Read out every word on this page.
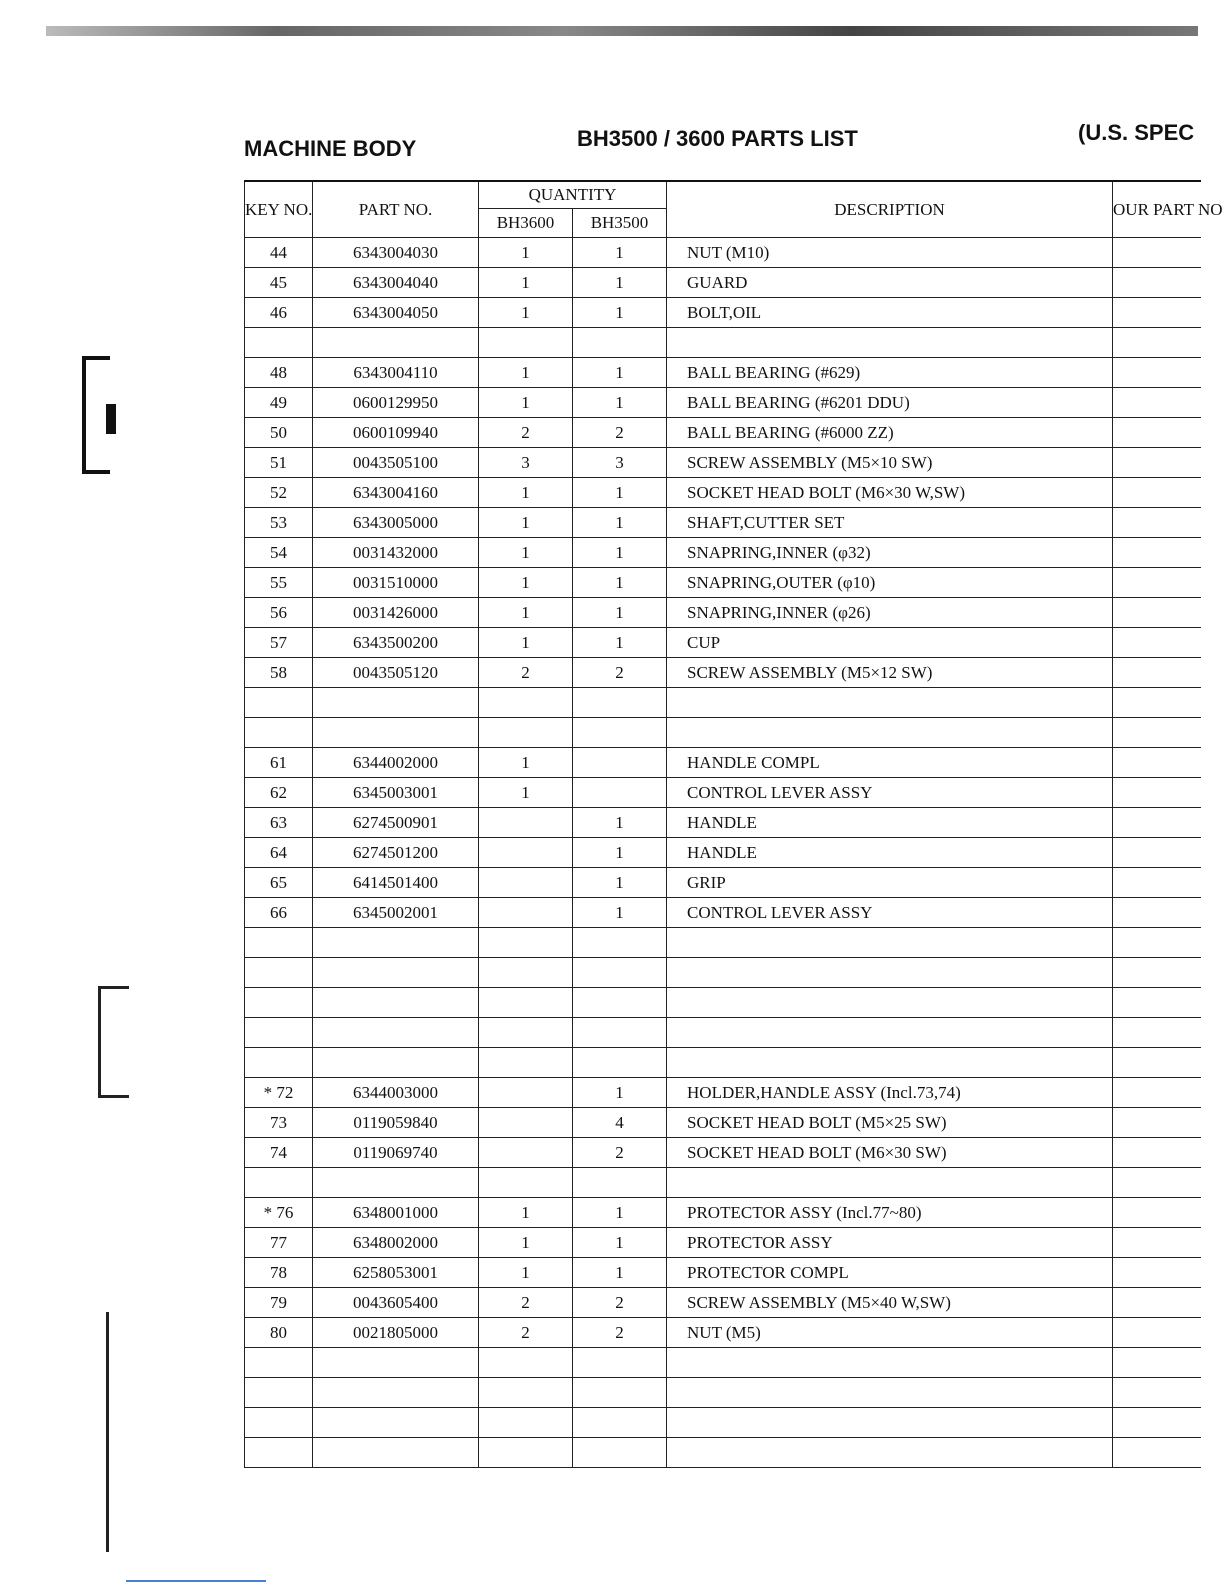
MACHINE BODY	BH3500 / 3600 PARTS LIST	(U.S. SPEC
KEY NO.	PART NO.	QUANTITY		DESCRIPTION	OUR PART NO
		BH3600	BH3500		
44	6343004030	1	1	NUT (M10)	
45	6343004040	1	1	GUARD	
46	6343004050	1	1	BOLT,OIL	

48	6343004110	1	1	BALL BEARING (#629)	
49	0600129950	1	1	BALL BEARING (#6201 DDU)	
50	0600109940	2	2	BALL BEARING (#6000 ZZ)	
51	0043505100	3	3	SCREW ASSEMBLY (M5×10 SW)	
52	6343004160	1	1	SOCKET HEAD BOLT (M6×30 W,SW)	
53	6343005000	1	1	SHAFT,CUTTER SET	
54	0031432000	1	1	SNAPRING,INNER (φ32)	
55	0031510000	1	1	SNAPRING,OUTER (φ10)	
56	0031426000	1	1	SNAPRING,INNER (φ26)	
57	6343500200	1	1	CUP	
58	0043505120	2	2	SCREW ASSEMBLY (M5×12 SW)	

61	6344002000	1		HANDLE COMPL	
62	6345003001	1		CONTROL LEVER ASSY	
63	6274500901		1	HANDLE	
64	6274501200		1	HANDLE	
65	6414501400		1	GRIP	
66	6345002001		1	CONTROL LEVER ASSY	

* 72	6344003000		1	HOLDER,HANDLE ASSY (Incl.73,74)	
73	0119059840		4	SOCKET HEAD BOLT (M5×25 SW)	
74	0119069740		2	SOCKET HEAD BOLT (M6×30 SW)	

* 76	6348001000	1	1	PROTECTOR ASSY (Incl.77~80)	
77	6348002000	1	1	PROTECTOR ASSY	
78	6258053001	1	1	PROTECTOR COMPL	
79	0043605400	2	2	SCREW ASSEMBLY (M5×40 W,SW)	
80	0021805000	2	2	NUT (M5)	
